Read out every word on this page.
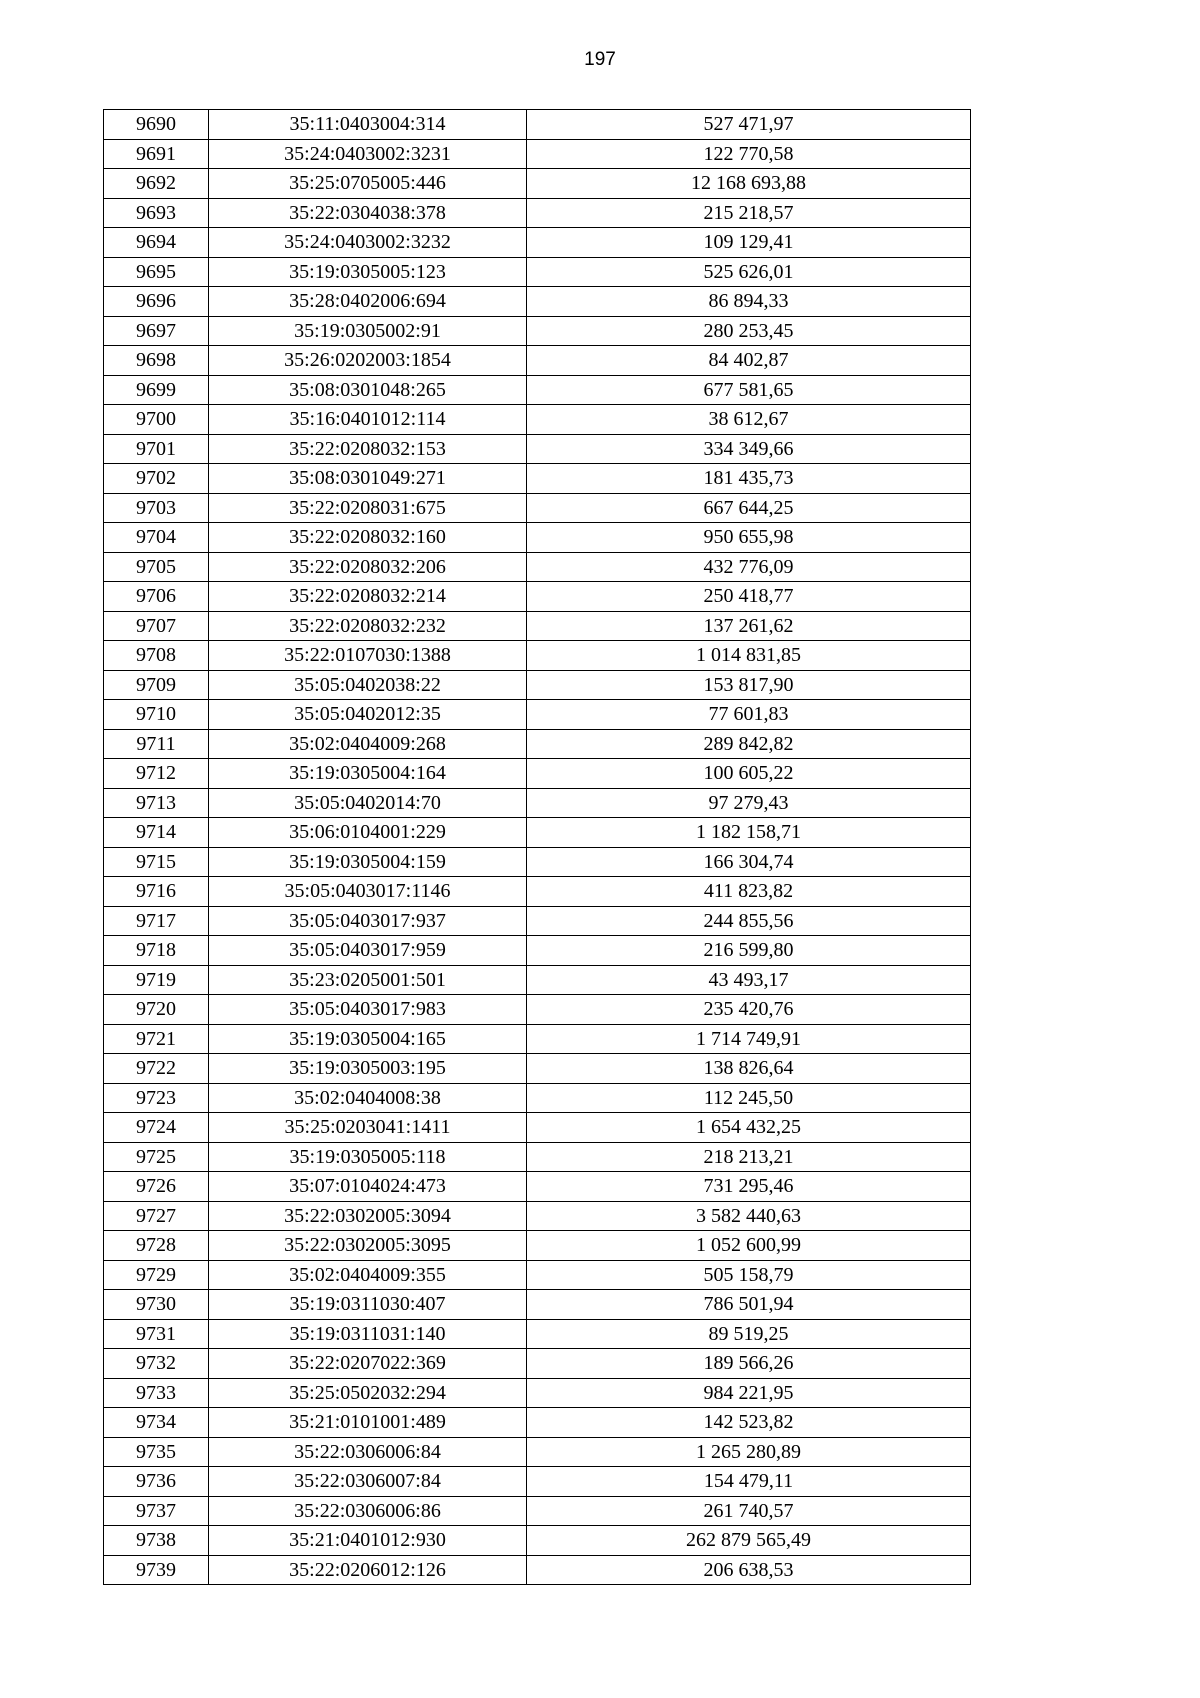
197
9690	35:11:0403004:314	527 471,97
9691	35:24:0403002:3231	122 770,58
9692	35:25:0705005:446	12 168 693,88
9693	35:22:0304038:378	215 218,57
9694	35:24:0403002:3232	109 129,41
9695	35:19:0305005:123	525 626,01
9696	35:28:0402006:694	86 894,33
9697	35:19:0305002:91	280 253,45
9698	35:26:0202003:1854	84 402,87
9699	35:08:0301048:265	677 581,65
9700	35:16:0401012:114	38 612,67
9701	35:22:0208032:153	334 349,66
9702	35:08:0301049:271	181 435,73
9703	35:22:0208031:675	667 644,25
9704	35:22:0208032:160	950 655,98
9705	35:22:0208032:206	432 776,09
9706	35:22:0208032:214	250 418,77
9707	35:22:0208032:232	137 261,62
9708	35:22:0107030:1388	1 014 831,85
9709	35:05:0402038:22	153 817,90
9710	35:05:0402012:35	77 601,83
9711	35:02:0404009:268	289 842,82
9712	35:19:0305004:164	100 605,22
9713	35:05:0402014:70	97 279,43
9714	35:06:0104001:229	1 182 158,71
9715	35:19:0305004:159	166 304,74
9716	35:05:0403017:1146	411 823,82
9717	35:05:0403017:937	244 855,56
9718	35:05:0403017:959	216 599,80
9719	35:23:0205001:501	43 493,17
9720	35:05:0403017:983	235 420,76
9721	35:19:0305004:165	1 714 749,91
9722	35:19:0305003:195	138 826,64
9723	35:02:0404008:38	112 245,50
9724	35:25:0203041:1411	1 654 432,25
9725	35:19:0305005:118	218 213,21
9726	35:07:0104024:473	731 295,46
9727	35:22:0302005:3094	3 582 440,63
9728	35:22:0302005:3095	1 052 600,99
9729	35:02:0404009:355	505 158,79
9730	35:19:0311030:407	786 501,94
9731	35:19:0311031:140	89 519,25
9732	35:22:0207022:369	189 566,26
9733	35:25:0502032:294	984 221,95
9734	35:21:0101001:489	142 523,82
9735	35:22:0306006:84	1 265 280,89
9736	35:22:0306007:84	154 479,11
9737	35:22:0306006:86	261 740,57
9738	35:21:0401012:930	262 879 565,49
9739	35:22:0206012:126	206 638,53
